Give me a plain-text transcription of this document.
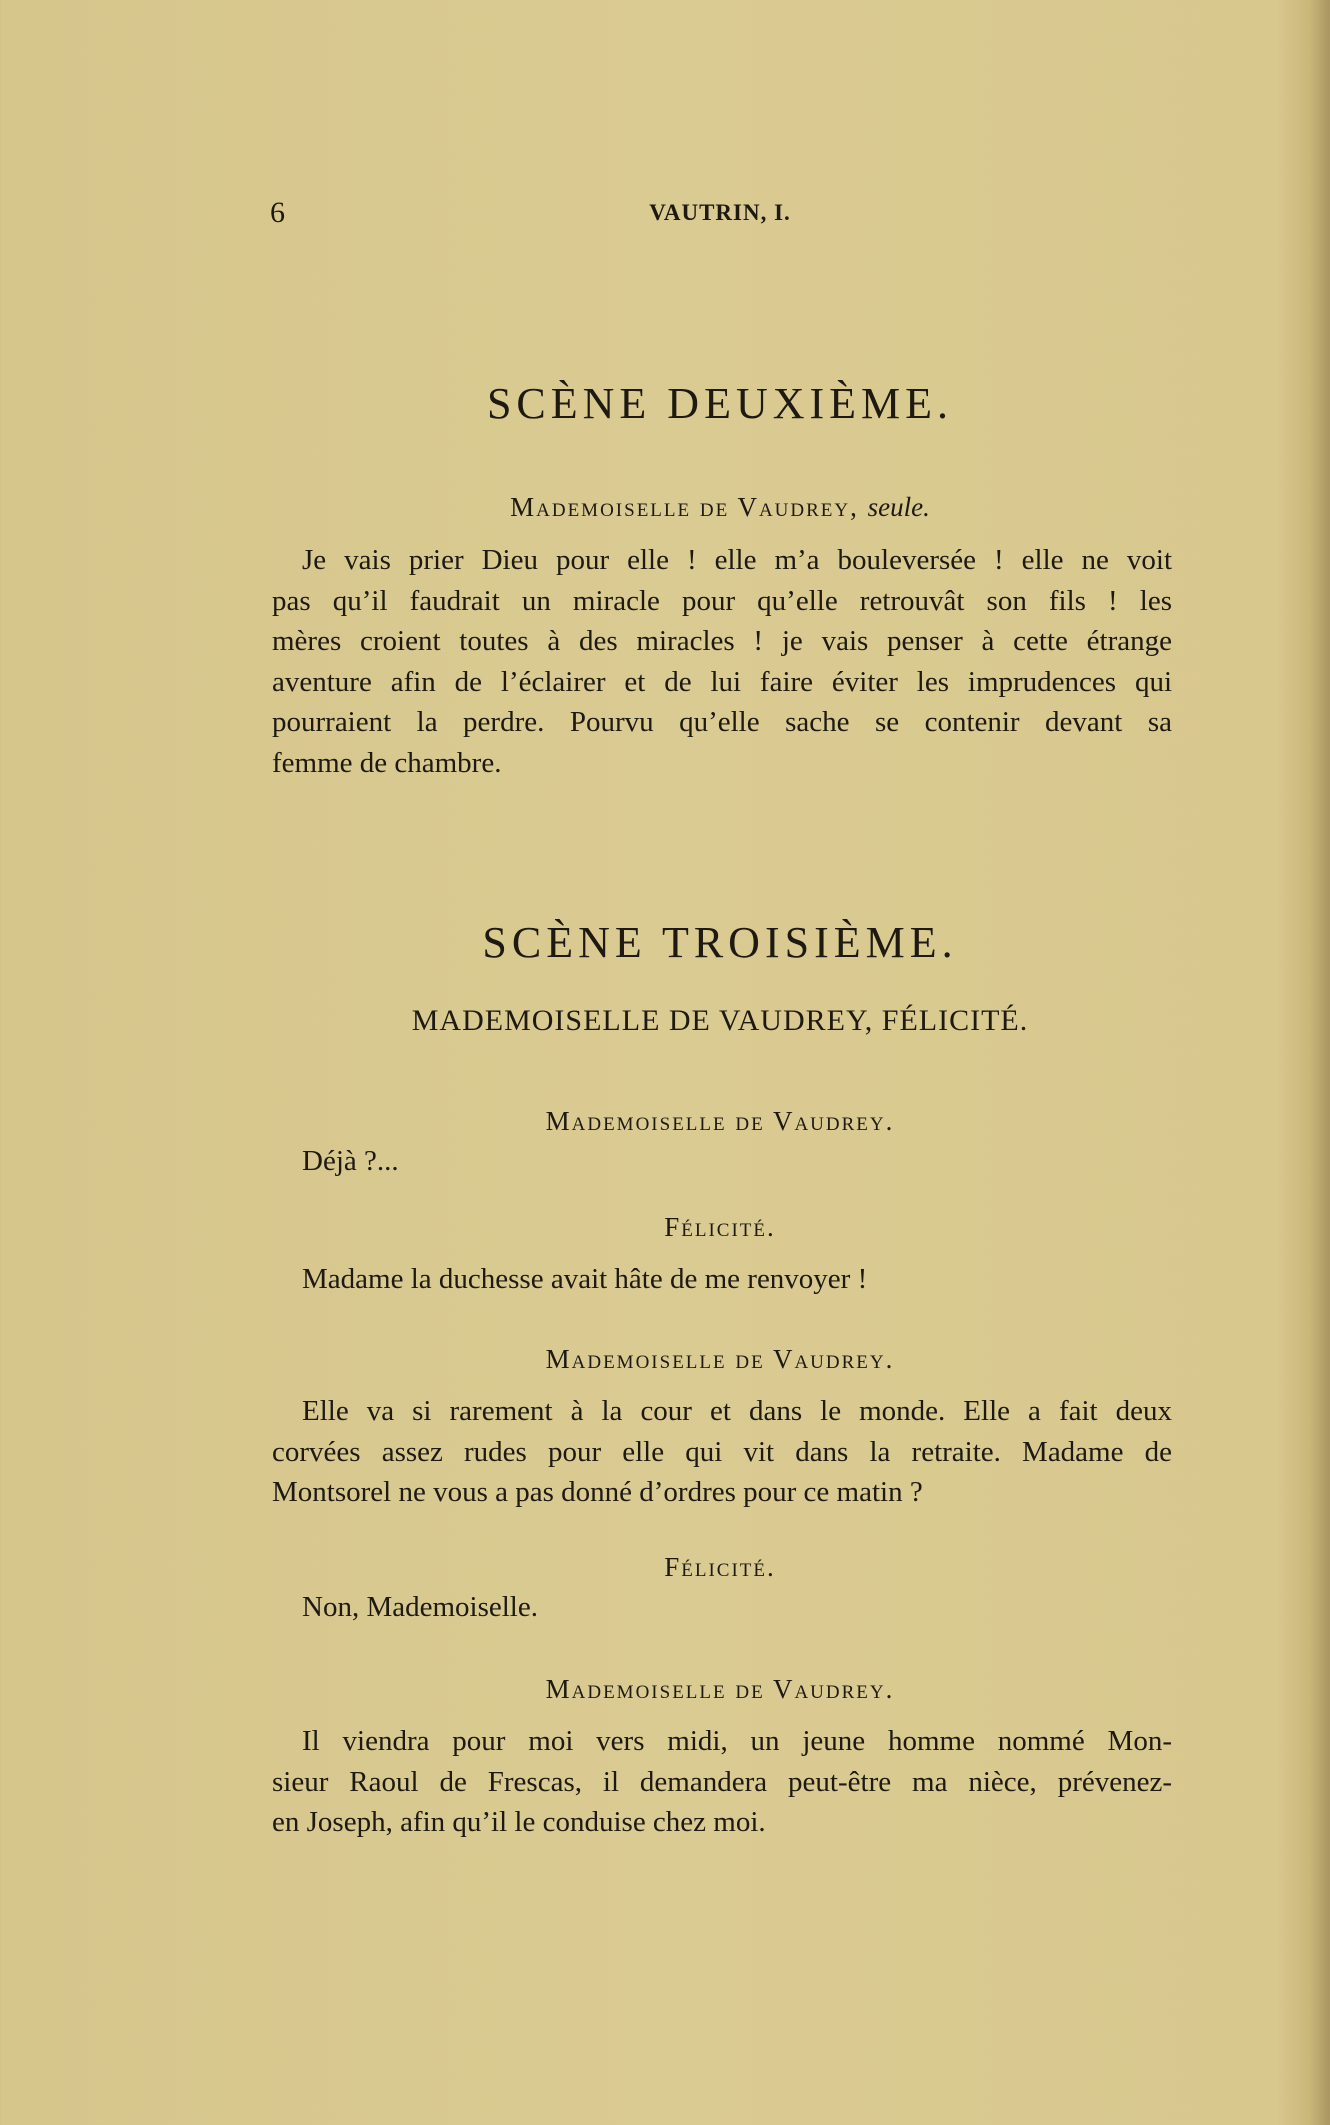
6	VAUTRIN, I.
SCÈNE DEUXIÈME.
Mademoiselle de Vaudrey, seule.
Je vais prier Dieu pour elle ! elle m’a bouleversée ! elle ne voit
pas qu’il faudrait un miracle pour qu’elle retrouvât son fils ! les
mères croient toutes à des miracles ! je vais penser à cette étrange
aventure afin de l’éclairer et de lui faire éviter les imprudences qui
pourraient la perdre. Pourvu qu’elle sache se contenir devant sa
femme de chambre.
SCÈNE TROISIÈME.
MADEMOISELLE DE VAUDREY, FÉLICITÉ.
Mademoiselle de Vaudrey.
Déjà ?...
Félicité.
Madame la duchesse avait hâte de me renvoyer !
Mademoiselle de Vaudrey.
Elle va si rarement à la cour et dans le monde. Elle a fait deux
corvées assez rudes pour elle qui vit dans la retraite. Madame de
Montsorel ne vous a pas donné d’ordres pour ce matin ?
Félicité.
Non, Mademoiselle.
Mademoiselle de Vaudrey.
Il viendra pour moi vers midi, un jeune homme nommé Mon-
sieur Raoul de Frescas, il demandera peut-être ma nièce, prévenez-
en Joseph, afin qu’il le conduise chez moi.
